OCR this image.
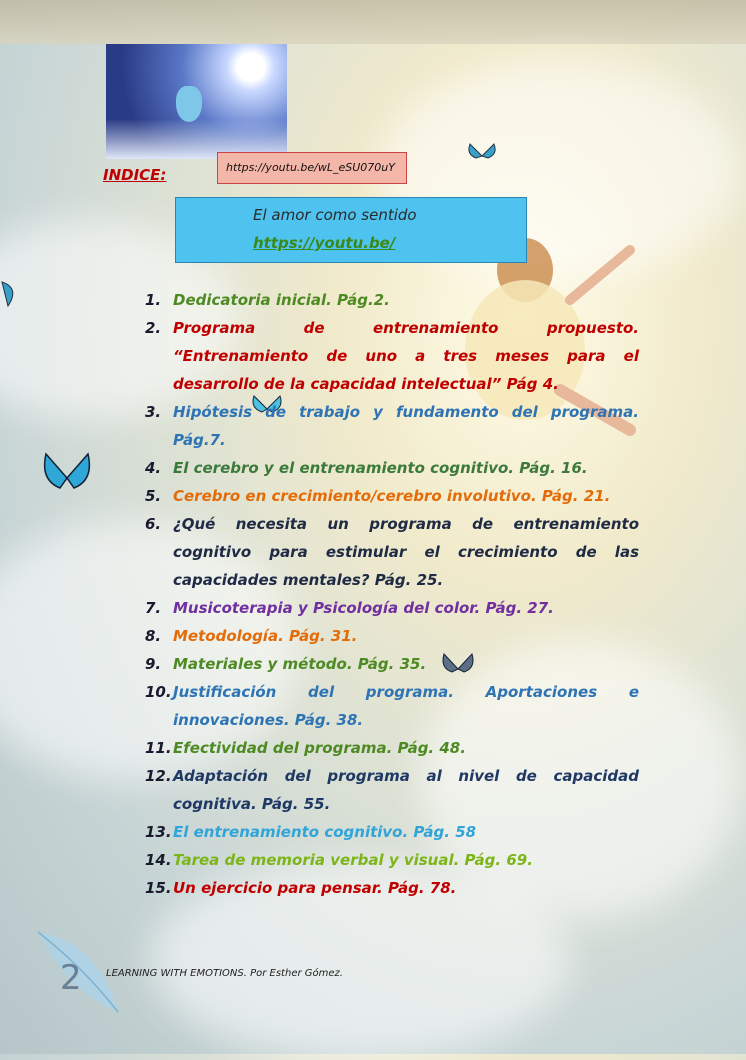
INDICE:	https://youtu.be/wL_eSU070uY
El amor como sentido
https://youtu.be/
1. Dedicatoria inicial. Pág.2.
2. Programa de entrenamiento propuesto. “Entrenamiento de uno a tres meses para el desarrollo de la capacidad intelectual” Pág 4.
3. Hipótesis de trabajo y fundamento del programa. Pág.7.
4. El cerebro y el entrenamiento cognitivo. Pág. 16.
5. Cerebro en crecimiento/cerebro involutivo. Pág. 21.
6. ¿Qué necesita un programa de entrenamiento cognitivo para estimular el crecimiento de las capacidades mentales? Pág. 25.
7. Musicoterapia y Psicología del color. Pág. 27.
8. Metodología. Pág. 31.
9. Materiales y método. Pág. 35.
10. Justificación del programa. Aportaciones e innovaciones. Pág. 38.
11. Efectividad del programa. Pág. 48.
12. Adaptación del programa al nivel de capacidad cognitiva. Pág. 55.
13. El entrenamiento cognitivo. Pág. 58
14. Tarea de memoria verbal y visual. Pág. 69.
15. Un ejercicio para pensar. Pág. 78.
2 LEARNING WITH EMOTIONS. Por Esther Gómez.
